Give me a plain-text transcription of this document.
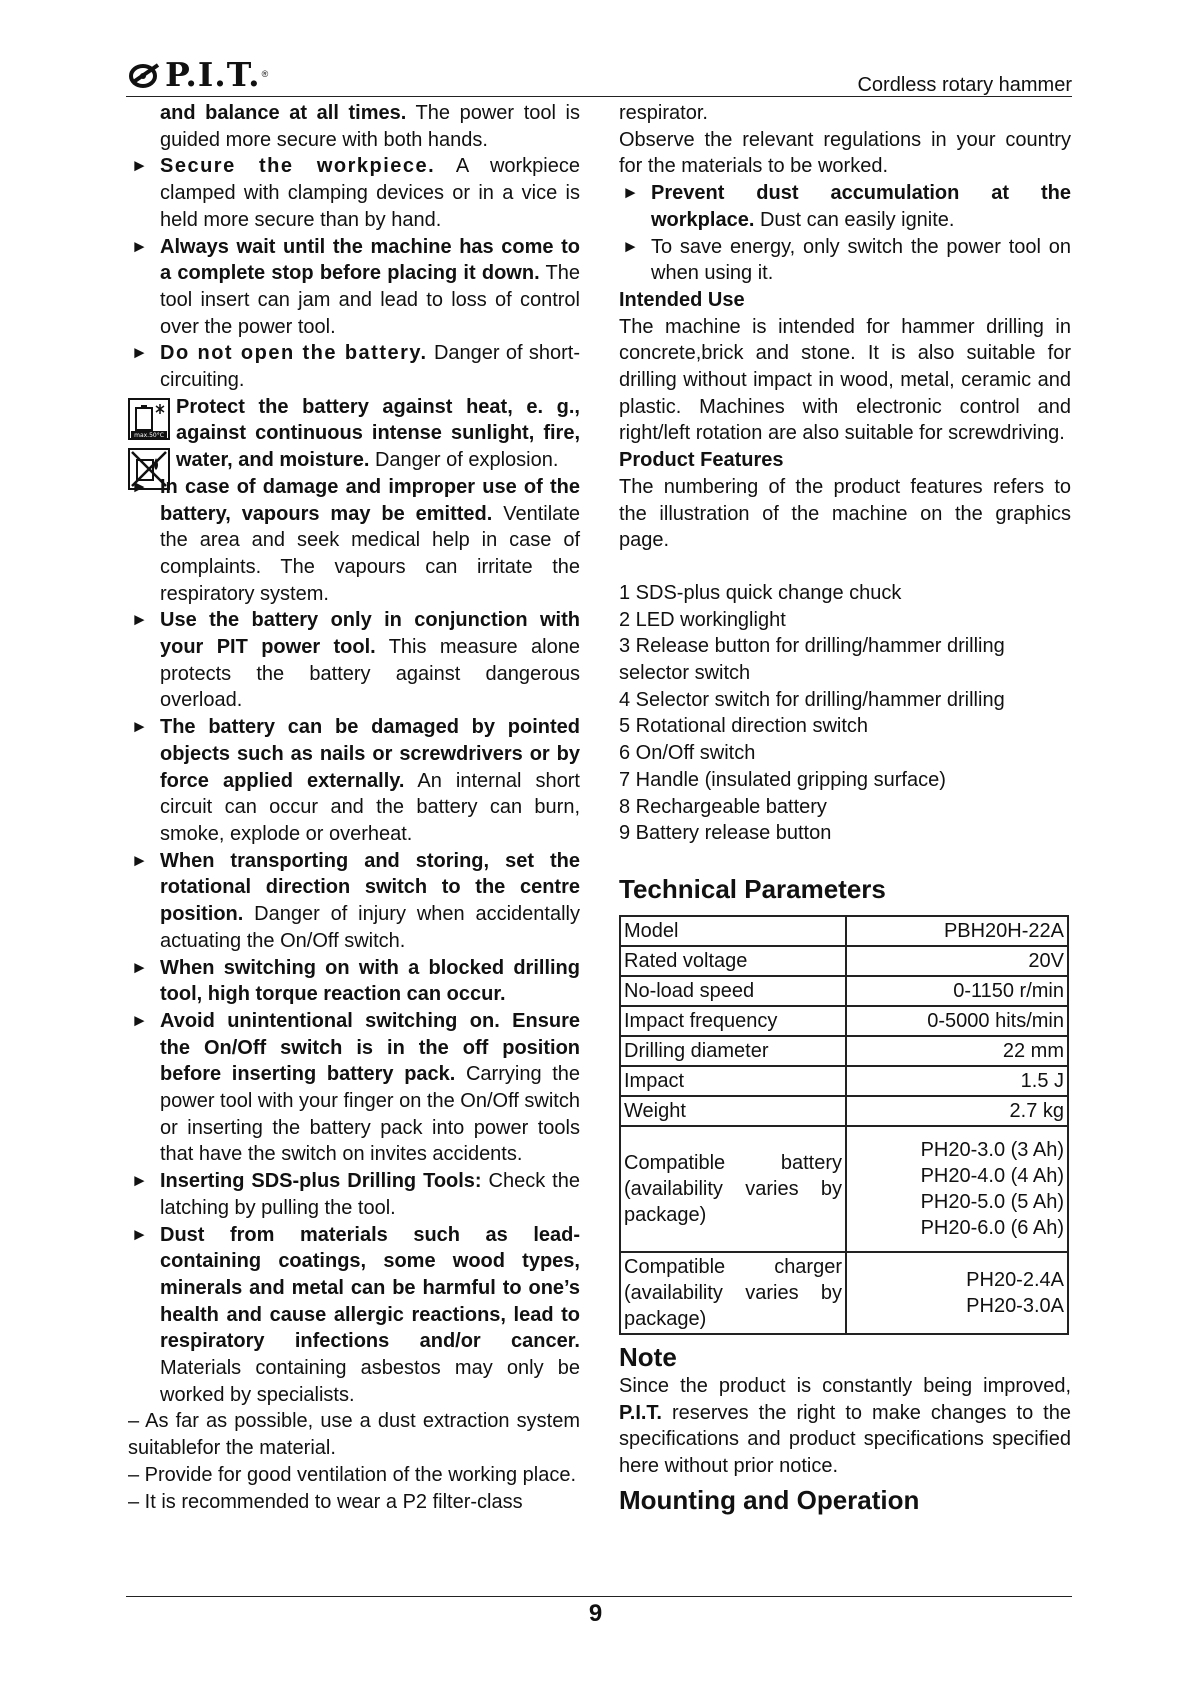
P.I.T. ®	Cordless rotary hammer

and balance at all times. The power tool is guided more secure with both hands.

► Secure the workpiece. A workpiece clamped with clamping devices or in a vice is held more secure than by hand.

► Always wait until the machine has come to a complete stop before placing it down. The tool insert can jam and lead to loss of control over the power tool.

► Do not open the battery. Danger of short-circuiting.

max.50°C
Protect the battery against heat, e. g., against continuous intense sunlight, fire, water, and moisture. Danger of explosion.

► In case of damage and improper use of the battery, vapours may be emitted. Ventilate the area and seek medical help in case of complaints. The vapours can irritate the respiratory system.

► Use the battery only in conjunction with your PIT power tool. This measure alone protects the battery against dangerous overload.

► The battery can be damaged by pointed objects such as nails or screwdrivers or by force applied externally. An internal short circuit can occur and the battery can burn, smoke, explode or overheat.

► When transporting and storing, set the rotational direction switch to the centre position. Danger of injury when accidentally actuating the On/Off switch.

► When switching on with a blocked drilling tool, high torque reaction can occur.

► Avoid unintentional switching on. Ensure the On/Off switch is in the off position before inserting battery pack. Carrying the power tool with your finger on the On/Off switch or inserting the battery pack into power tools that have the switch on invites accidents.

► Inserting SDS-plus Drilling Tools: Check the latching by pulling the tool.

► Dust from materials such as lead-containing coatings, some wood types, minerals and metal can be harmful to one’s health and cause allergic reactions, lead to respiratory infections and/or cancer. Materials containing asbestos may only be worked by specialists.

– As far as possible, use a dust extraction system suitablefor the material.

– Provide for good ventilation of the working place.

– It is recommended to wear a P2 filter-class

respirator.

Observe the relevant regulations in your country for the materials to be worked.

► Prevent dust accumulation at the workplace. Dust can easily ignite.

► To save energy, only switch the power tool on when using it.

Intended Use

The machine is intended for hammer drilling in concrete,brick and stone. It is also suitable for drilling without impact in wood, metal, ceramic and plastic. Machines with electronic control and right/left rotation are also suitable for screwdriving.

Product Features

The numbering of the product features refers to the illustration of the machine on the graphics page.

1 SDS-plus quick change chuck

2 LED workinglight

3 Release button for drilling/hammer drilling selector switch

4 Selector switch for drilling/hammer drilling

5 Rotational direction switch

6 On/Off switch

7 Handle (insulated gripping surface)

8 Rechargeable battery

9 Battery release button

Technical Parameters

Model	PBH20H-22A
Rated voltage	20V
No-load speed	0-1150 r/min
Impact frequency	0-5000 hits/min
Drilling diameter	22 mm
Impact	1.5 J
Weight	2.7 kg
Compatible battery (availability varies by package)	PH20-3.0 (3 Ah)
PH20-4.0 (4 Ah)
PH20-5.0 (5 Ah)
PH20-6.0 (6 Ah)

Compatible charger (availability varies by package)	PH20-2.4A
PH20-3.0A

Note

Since the product is constantly being improved, P.I.T. reserves the right to make changes to the specifications and product specifications specified here without prior notice.

Mounting and Operation

9
